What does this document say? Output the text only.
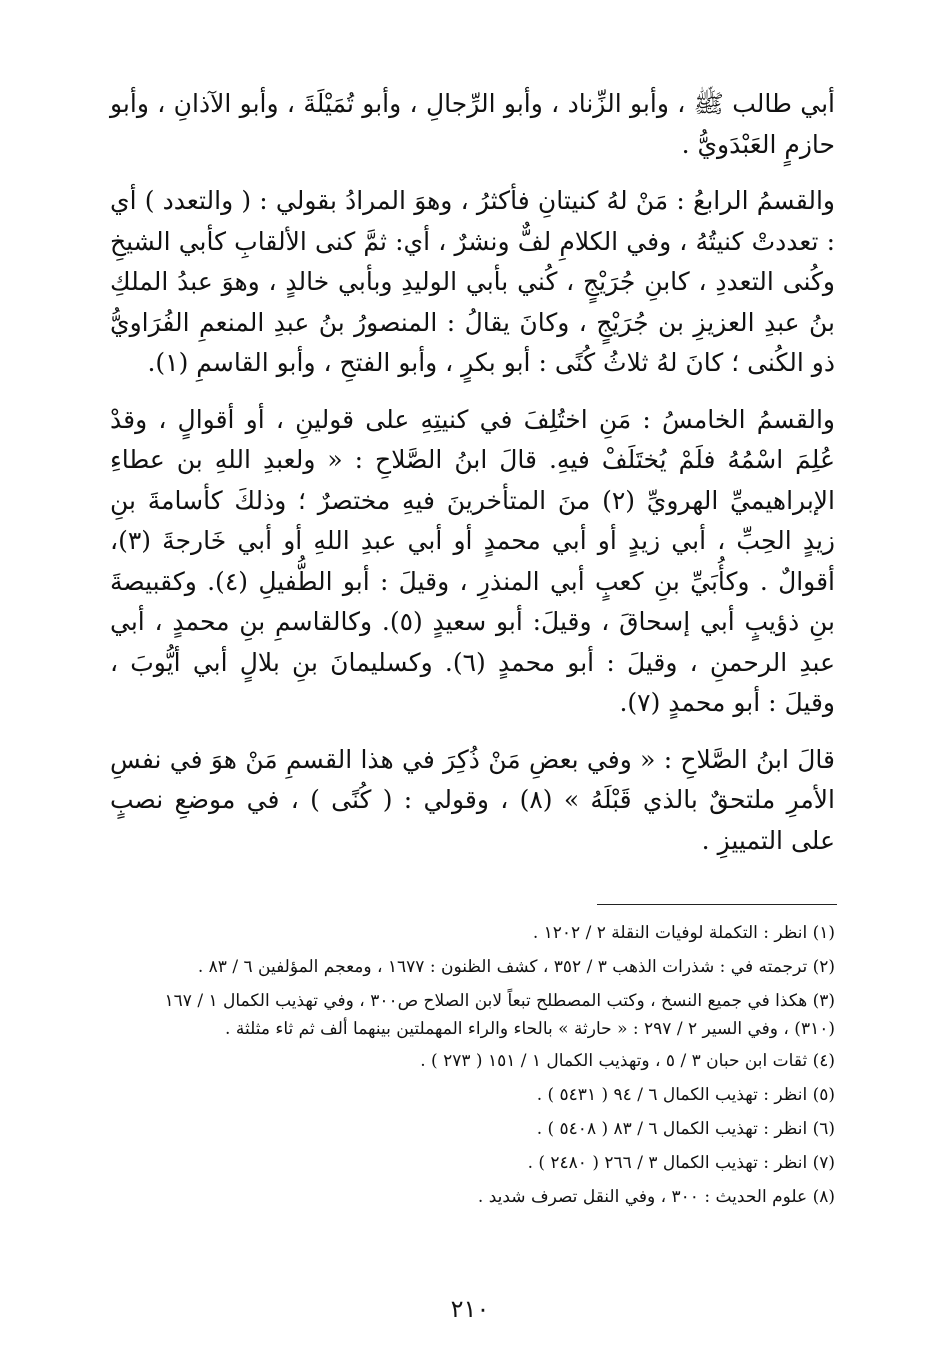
أبي طالب ﷺ ، وأبو الزِّناد ، وأبو الرِّجالِ ، وأبو تُمَيْلَةَ ، وأبو الآذانِ ، وأبو حازمٍ العَبْدَويُّ .

والقسمُ الرابعُ : مَنْ لهُ كنيتانِ فأكثرُ ، وهوَ المرادُ بقولي : ( والتعدد ) أي : تعددتْ كنيتُهُ ، وفي الكلامِ لفٌّ ونشرٌ ، أي: ثمَّ كنى الألقابِ كأبي الشيخِ وكُنى التعددِ ، كابنِ جُرَيْجٍ ، كُني بأبي الوليدِ وبأبي خالدٍ ، وهوَ عبدُ الملكِ بنُ عبدِ العزيزِ بن جُرَيْجٍ ، وكانَ يقالُ : المنصورُ بنُ عبدِ المنعمِ الفُرَاويُّ ذو الكُنى ؛ كانَ لهُ ثلاثُ كُنًى : أبو بكرٍ ، وأبو الفتحِ ، وأبو القاسمِ (١).

والقسمُ الخامسُ : مَنِ اختُلِفَ في كنيتِهِ على قولينِ ، أو أقوالٍ ، وقدْ عُلِمَ اسْمُهُ فلَمْ يُختَلَفْ فيهِ. قالَ ابنُ الصَّلاحِ : « ولعبدِ اللهِ بن عطاءِ الإبراهيميِّ الهرويِّ (٢) منَ المتأخرينَ فيهِ مختصرٌ ؛ وذلكَ كأسامةَ بنِ زيدٍ الحِبِّ ، أبي زيدٍ أو أبي محمدٍ أو أبي عبدِ اللهِ أو أبي خَارجةَ (٣)، أقوالٌ . وكأُبَيِّ بنِ كعبٍ أبي المنذرِ ، وقيلَ : أبو الطُّفيلِ (٤). وكقبيصةَ بنِ ذؤيبٍ أبي إسحاقَ ، وقيلَ: أبو سعيدٍ (٥). وكالقاسمِ بنِ محمدٍ ، أبي عبدِ الرحمنِ ، وقيلَ : أبو محمدٍ (٦). وكسليمانَ بنِ بلالٍ أبي أيُّوبَ ، وقيلَ : أبو محمدٍ (٧).

قالَ ابنُ الصَّلاحِ : « وفي بعضِ مَنْ ذُكِرَ في هذا القسمِ مَنْ هوَ في نفسِ الأمرِ ملتحقٌ بالذي قَبْلَهُ » (٨) ، وقولي : ( كُنًى ) ، في موضعِ نصبٍ على التمييزِ .

(١) انظر : التكملة لوفيات النقلة ٢ / ١٢٠٢ .

(٢) ترجمته في : شذرات الذهب ٣ / ٣٥٢ ، كشف الظنون : ١٦٧٧ ، ومعجم المؤلفين ٦ / ٨٣ .

(٣) هكذا في جميع النسخ ، وكتب المصطلح تبعاً لابن الصلاح ص٣٠٠ ، وفي تهذيب الكمال ١ / ١٦٧

(٣١٠) ، وفي السير ٢ / ٢٩٧ : « حارثة » بالحاء والراء المهملتين بينهما ألف ثم ثاء مثلثة .

(٤) ثقات ابن حبان ٣ / ٥ ، وتهذيب الكمال ١ / ١٥١ ( ٢٧٣ ) .

(٥) انظر : تهذيب الكمال ٦ / ٩٤ ( ٥٤٣١ ) .

(٦) انظر : تهذيب الكمال ٦ / ٨٣ ( ٥٤٠٨ ) .

(٧) انظر : تهذيب الكمال ٣ / ٢٦٦ ( ٢٤٨٠ ) .

(٨) علوم الحديث : ٣٠٠ ، وفي النقل تصرف شديد .

٢١٠
